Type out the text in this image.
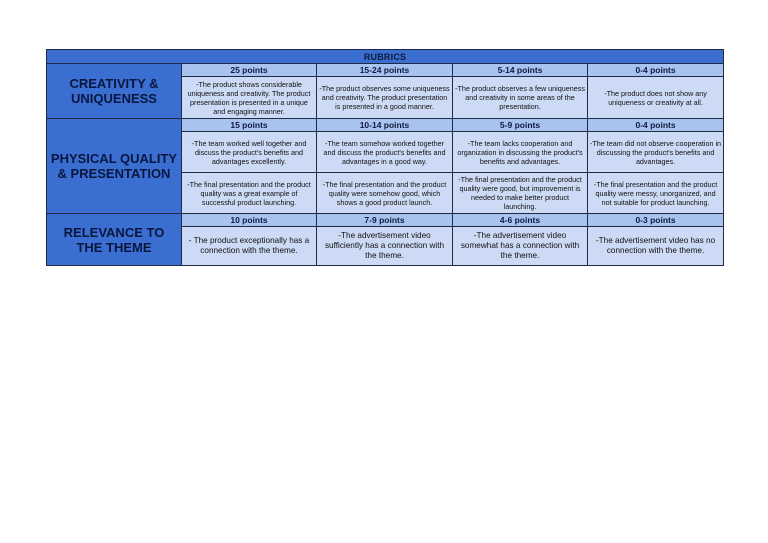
RUBRICS				
CREATIVITY & UNIQUENESS	25 points	15-24 points	5-14 points	0-4 points
	-The product shows considerable uniqueness and creativity. The product presentation is presented in a unique and engaging manner.	-The product observes some uniqueness and creativity. The product presentation is presented in a good manner.	-The product observes a few uniqueness and creativity in some areas of the presentation.	-The product does not show any uniqueness or creativity at all.
PHYSICAL QUALITY & PRESENTATION	15 points	10-14 points	5-9 points	0-4 points
	-The team worked well together and discuss the product's benefits and advantages excellently.	-The team somehow worked together and discuss the product's benefits and advantages in a good way.	-The team lacks cooperation and organization in discussing the product's benefits and advantages.	-The team did not observe cooperation in discussing the product's benefits and advantages.
	-The final presentation and the product quality was a great example of successful product launching.	-The final presentation and the product quality were somehow good, which shows a good product launch.	-The final presentation and the product quality were good, but improvement is needed to make better product launching.	-The final presentation and the product quality were messy, unorganized, and not suitable for product launching.
RELEVANCE TO THE THEME	10 points	7-9 points	4-6 points	0-3 points
	- The product exceptionally has a connection with the theme.	-The advertisement video sufficiently has a connection with the theme.	-The advertisement video somewhat has a connection with the theme.	-The advertisement video has no connection with the theme.
